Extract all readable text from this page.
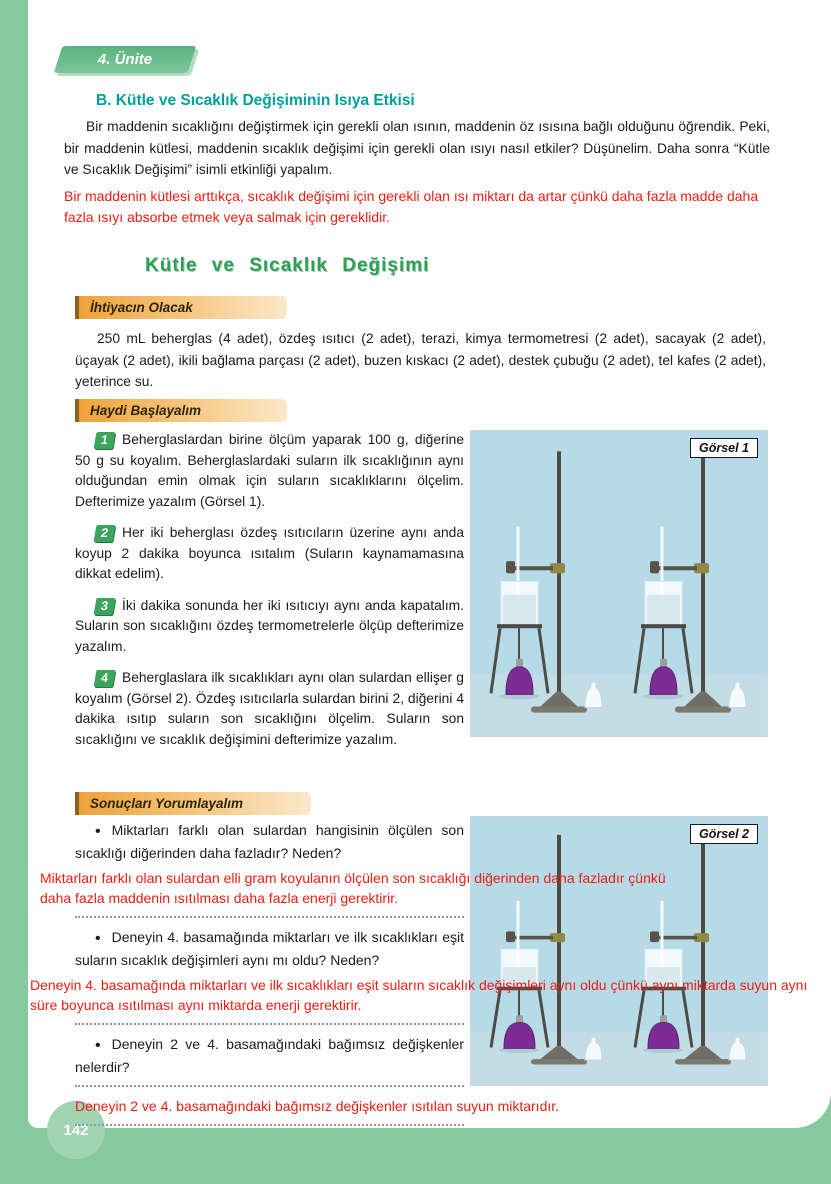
4. Ünite
B. Kütle ve Sıcaklık Değişiminin Isıya Etkisi

Bir maddenin sıcaklığını değiştirmek için gerekli olan ısının, maddenin öz ısısına bağlı olduğunu öğrendik. Peki, bir maddenin kütlesi, maddenin sıcaklık değişimi için gerekli olan ısıyı nasıl etkiler? Düşünelim. Daha sonra “Kütle ve Sıcaklık Değişimi” isimli etkinliği yapalım.

Bir maddenin kütlesi arttıkça, sıcaklık değişimi için gerekli olan ısı miktarı da artar çünkü daha fazla madde daha fazla ısıyı absorbe etmek veya salmak için gereklidir.

Kütle ve Sıcaklık Değişimi
İhtiyacın Olacak

250 mL beherglas (4 adet), özdeş ısıtıcı (2 adet), terazi, kimya termometresi (2 adet), sacayak (2 adet), üçayak (2 adet), ikili bağlama parçası (2 adet), buzen kıskacı (2 adet), destek çubuğu (2 adet), tel kafes (2 adet), yeterince su.

Haydi Başlayalım

1 Beherglaslardan birine ölçüm yaparak 100 g, diğerine 50 g su koyalım. Beherglaslardaki suların ilk sıcaklığının aynı olduğundan emin olmak için suların sıcaklıklarını ölçelim. Defterimize yazalım (Görsel 1).

2 Her iki beherglası özdeş ısıtıcıların üzerine aynı anda koyup 2 dakika boyunca ısıtalım (Suların kaynamamasına dikkat edelim).

3 İki dakika sonunda her iki ısıtıcıyı aynı anda kapatalım. Suların son sıcaklığını özdeş termometrelerle ölçüp defterimize yazalım.

4 Beherglaslara ilk sıcaklıkları aynı olan sulardan ellişer g koyalım (Görsel 2). Özdeş ısıtıcılarla sulardan birini 2, diğerini 4 dakika ısıtıp suların son sıcaklığını ölçelim. Suların son sıcaklığını ve sıcaklık değişimini defterimize yazalım.

Görsel 1
Sonuçları Yorumlayalım
Görsel 2

• Miktarları farklı olan sulardan hangisinin ölçülen son sıcaklığı diğerinden daha fazladır? Neden?

Miktarları farklı olan sulardan elli gram koyulanın ölçülen son sıcaklığı diğerinden daha fazladır çünkü daha fazla maddenin ısıtılması daha fazla enerji gerektirir.

• Deneyin 4. basamağında miktarları ve ilk sıcaklıkları eşit suların sıcaklık değişimleri aynı mı oldu? Neden?

Deneyin 4. basamağında miktarları ve ilk sıcaklıkları eşit suların sıcaklık değişimleri aynı oldu çünkü aynı miktarda suyun aynı süre boyunca ısıtılması aynı miktarda enerji gerektirir.

• Deneyin 2 ve 4. basamağındaki bağımsız değişkenler nelerdir?

Deneyin 2 ve 4. basamağındaki bağımsız değişkenler ısıtılan suyun miktarıdır.

142
